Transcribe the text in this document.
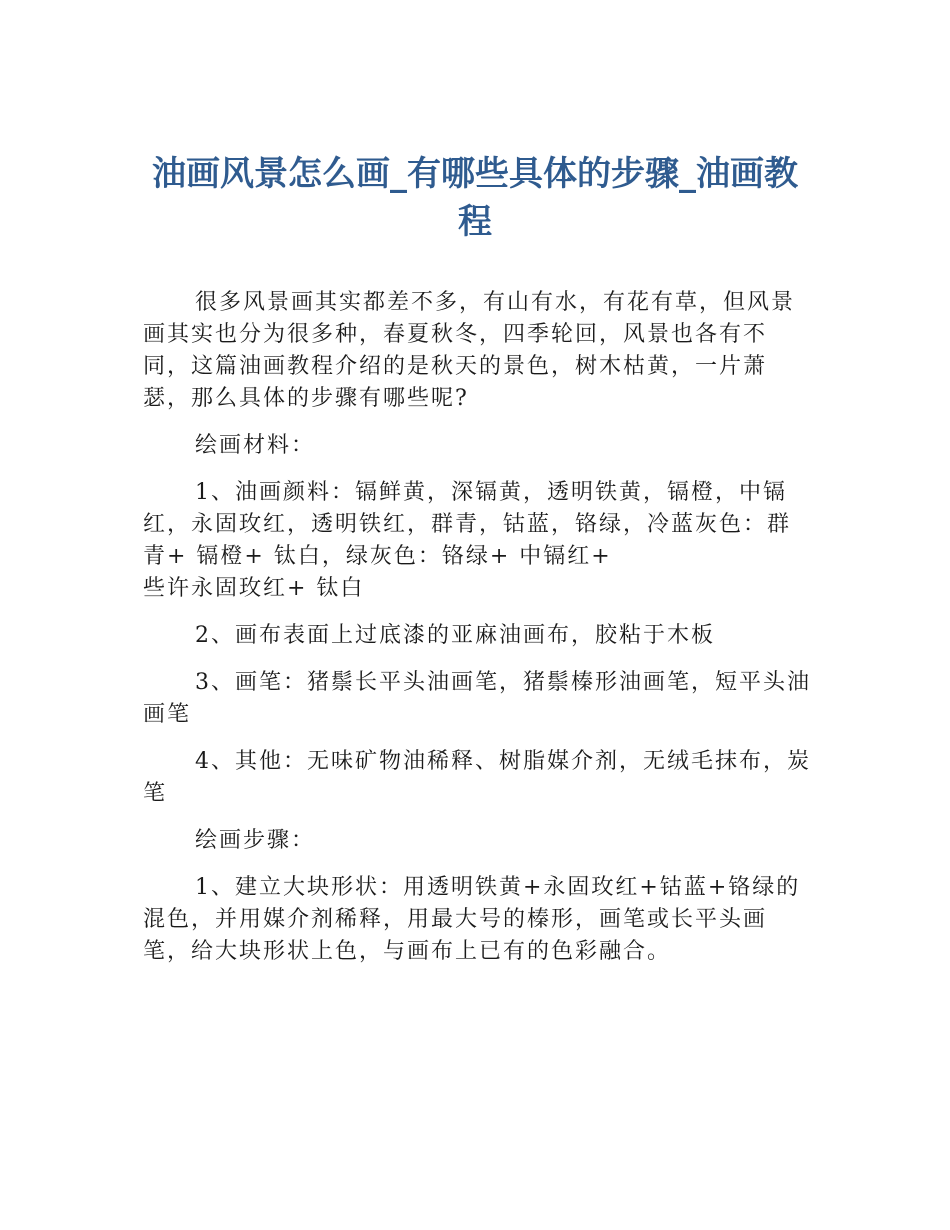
油画风景怎么画_有哪些具体的步骤_油画教程

很多风景画其实都差不多，有山有水，有花有草，但风景画其实也分为很多种，春夏秋冬，四季轮回，风景也各有不同，这篇油画教程介绍的是秋天的景色，树木枯黄，一片萧瑟，那么具体的步骤有哪些呢?

绘画材料：

1、油画颜料：镉鲜黄，深镉黄，透明铁黄，镉橙，中镉红，永固玫红，透明铁红，群青，钴蓝，铬绿，冷蓝灰色：群青+ 镉橙+ 钛白，绿灰色：铬绿+ 中镉红+

些许永固玫红+ 钛白

2、画布表面上过底漆的亚麻油画布，胶粘于木板

3、画笔：猪鬃长平头油画笔，猪鬃榛形油画笔，短平头油画笔

4、其他：无味矿物油稀释、树脂媒介剂，无绒毛抹布，炭笔

绘画步骤：

1、建立大块形状：用透明铁黄+永固玫红+钴蓝+铬绿的混色，并用媒介剂稀释，用最大号的榛形，画笔或长平头画笔，给大块形状上色，与画布上已有的色彩融合。
